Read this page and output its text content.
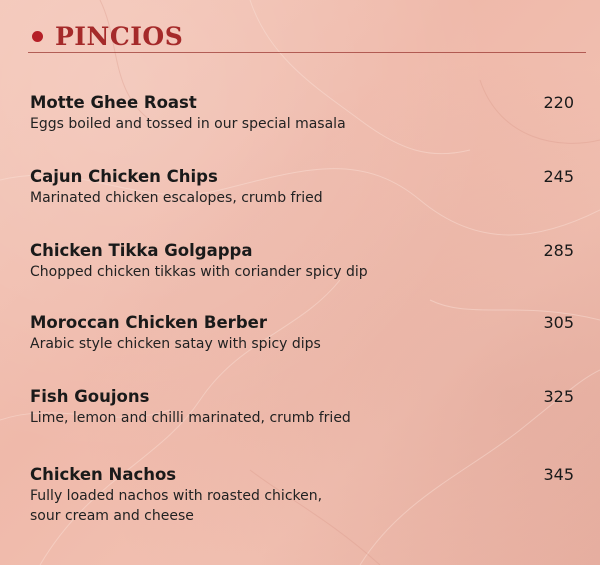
PINCIOS
Motte Ghee Roast
Eggs boiled and tossed in our special masala
220
Cajun Chicken Chips
Marinated chicken escalopes, crumb fried
245
Chicken Tikka Golgappa
Chopped chicken tikkas with coriander spicy dip
285
Moroccan Chicken Berber
Arabic style chicken satay with spicy dips
305
Fish Goujons
Lime, lemon and chilli marinated, crumb fried
325
Chicken Nachos
Fully loaded nachos with roasted chicken,
sour cream and cheese
345
